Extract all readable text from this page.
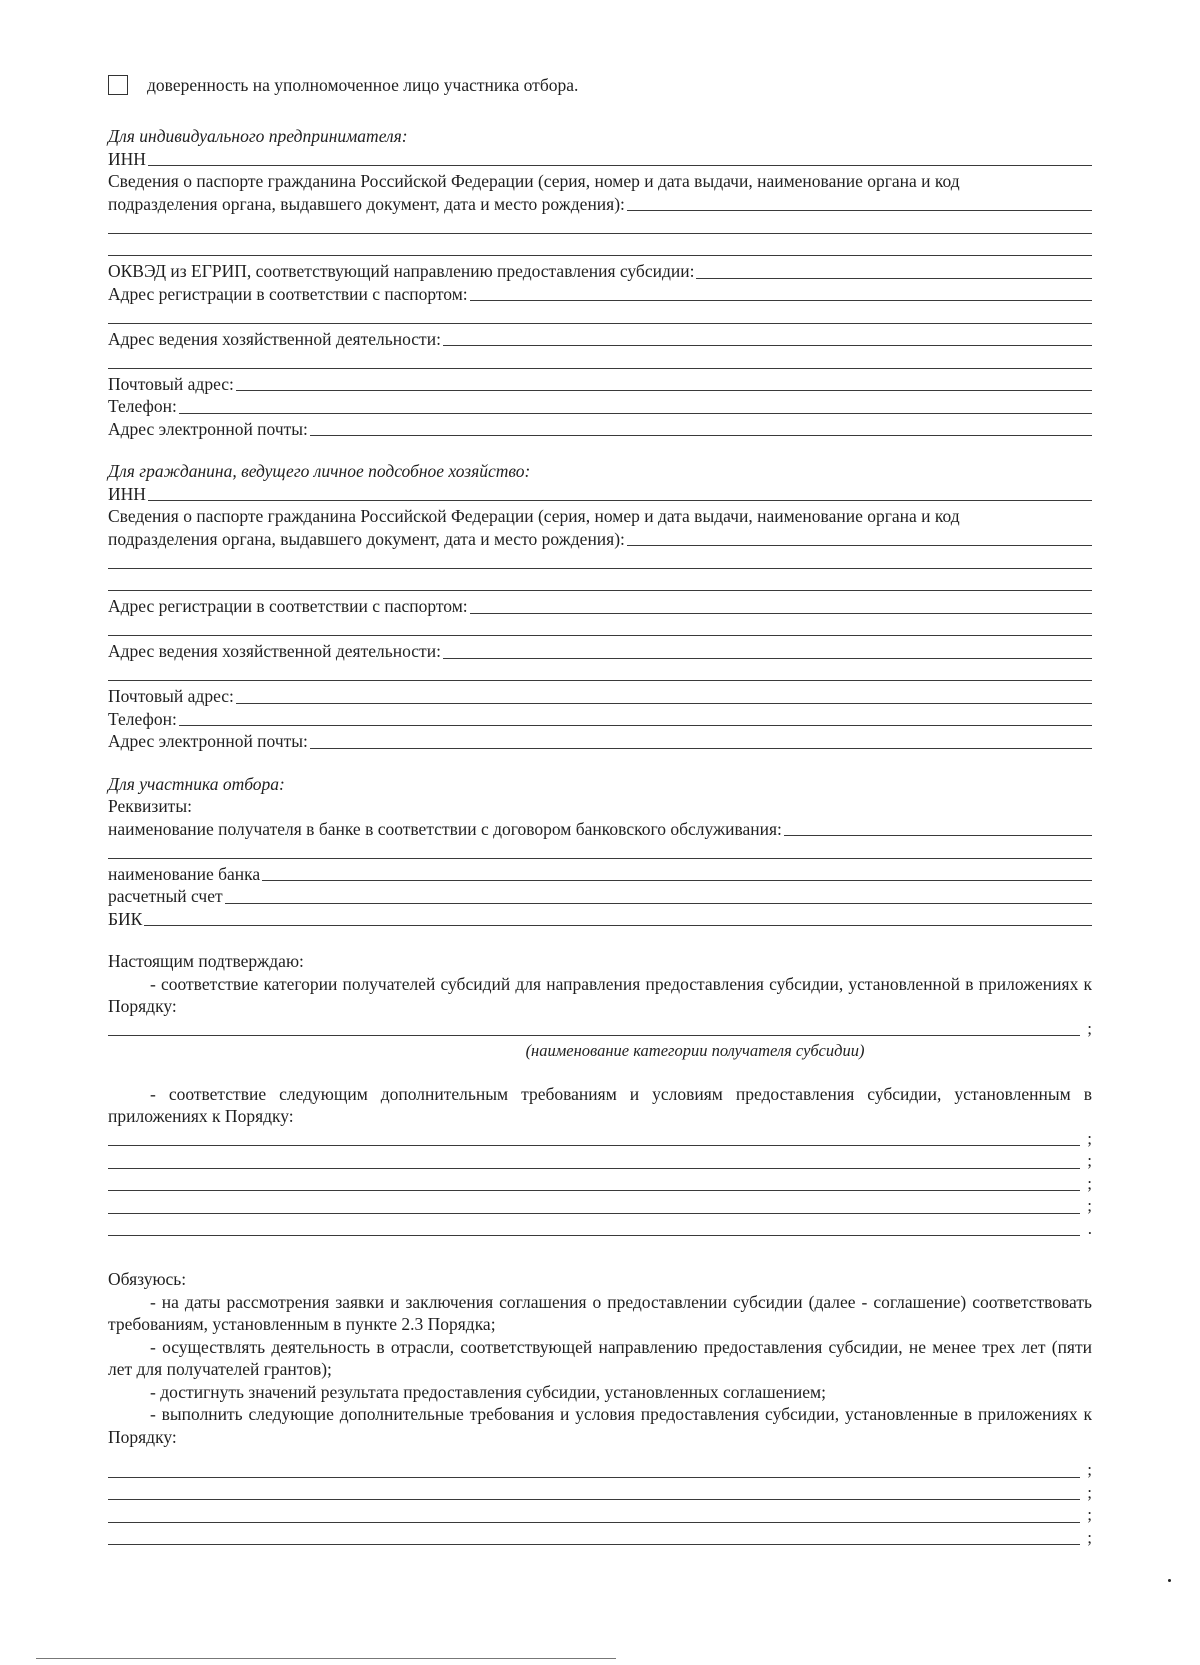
доверенность на уполномоченное лицо участника отбора.
Для индивидуального предпринимателя:
ИНН
Сведения о паспорте гражданина Российской Федерации (серия, номер и дата выдачи, наименование органа и код
подразделения органа, выдавшего документ, дата и место рождения):
ОКВЭД из ЕГРИП, соответствующий направлению предоставления субсидии:
Адрес регистрации в соответствии с паспортом:
Адрес ведения хозяйственной деятельности:
Почтовый адрес:
Телефон:
Адрес электронной почты:
Для гражданина, ведущего личное подсобное хозяйство:
ИНН
Сведения о паспорте гражданина Российской Федерации (серия, номер и дата выдачи, наименование органа и код
подразделения органа, выдавшего документ, дата и место рождения):
Адрес регистрации в соответствии с паспортом:
Адрес ведения хозяйственной деятельности:
Почтовый адрес:
Телефон:
Адрес электронной почты:
Для участника отбора:
Реквизиты:
наименование получателя в банке в соответствии с договором банковского обслуживания:
наименование банка
расчетный счет
БИК
Настоящим подтверждаю:
- соответствие категории получателей субсидий для направления предоставления субсидии, установленной в приложениях к Порядку:
;
(наименование категории получателя субсидии)
- соответствие следующим дополнительным требованиям и условиям предоставления субсидии, установленным в приложениях к Порядку:
;
;
;
;
.
Обязуюсь:
- на даты рассмотрения заявки и заключения соглашения о предоставлении субсидии (далее - соглашение) соответствовать требованиям, установленным в пункте 2.3 Порядка;
- осуществлять деятельность в отрасли, соответствующей направлению предоставления субсидии, не менее трех лет (пяти лет для получателей грантов);
- достигнуть значений результата предоставления субсидии, установленных соглашением;
- выполнить следующие дополнительные требования и условия предоставления субсидии, установленные в приложениях к Порядку:
;
;
;
;
